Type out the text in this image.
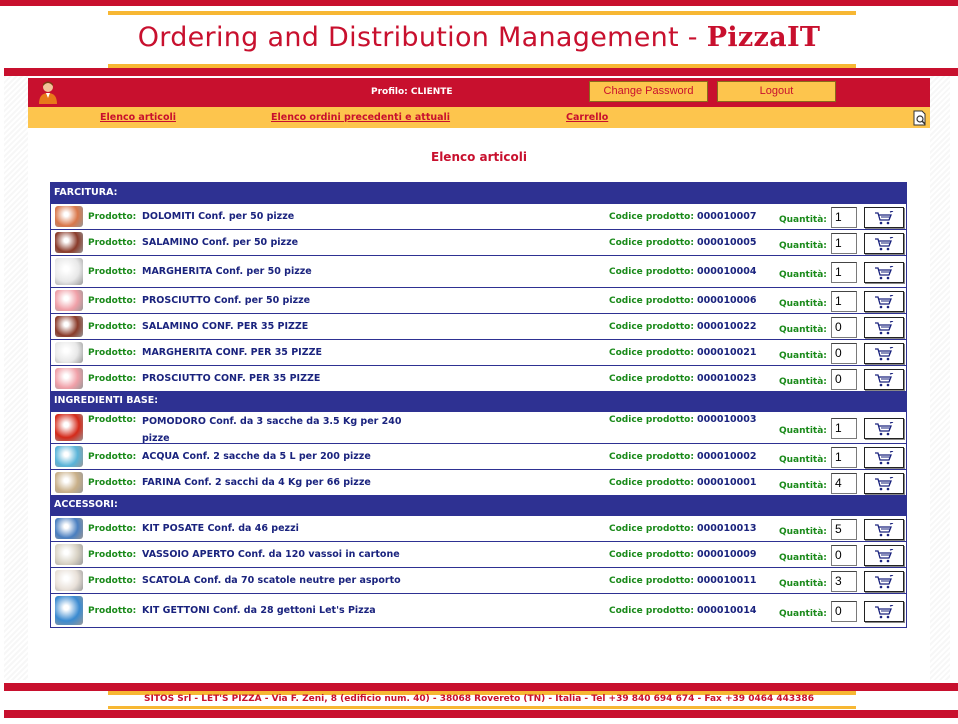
Ordering and Distribution Management - PizzaIT
Profilo: CLIENTE	Change Password	Logout
Elenco articoli	Elenco ordini precedenti e attuali	Carrello
Elenco articoli
FARCITURA:
Prodotto: DOLOMITI Conf. per 50 pizze	Codice prodotto: 000010007	Quantità: 1
Prodotto: SALAMINO Conf. per 50 pizze	Codice prodotto: 000010005	Quantità: 1
Prodotto: MARGHERITA Conf. per 50 pizze	Codice prodotto: 000010004	Quantità: 1
Prodotto: PROSCIUTTO Conf. per 50 pizze	Codice prodotto: 000010006	Quantità: 1
Prodotto: SALAMINO CONF. PER 35 PIZZE	Codice prodotto: 000010022	Quantità: 0
Prodotto: MARGHERITA CONF. PER 35 PIZZE	Codice prodotto: 000010021	Quantità: 0
Prodotto: PROSCIUTTO CONF. PER 35 PIZZE	Codice prodotto: 000010023	Quantità: 0
INGREDIENTI BASE:
Prodotto: POMODORO Conf. da 3 sacche da 3.5 Kg per 240 pizze
Codice prodotto: 000010003
Quantità: 1
Prodotto: ACQUA Conf. 2 sacche da 5 L per 200 pizze	Codice prodotto: 000010002	Quantità: 1
Prodotto: FARINA Conf. 2 sacchi da 4 Kg per 66 pizze	Codice prodotto: 000010001	Quantità: 4
ACCESSORI:
Prodotto: KIT POSATE Conf. da 46 pezzi	Codice prodotto: 000010013	Quantità: 5
Prodotto: VASSOIO APERTO Conf. da 120 vassoi in cartone	Codice prodotto: 000010009	Quantità: 0
Prodotto: SCATOLA Conf. da 70 scatole neutre per asporto	Codice prodotto: 000010011	Quantità: 3
Prodotto: KIT GETTONI Conf. da 28 gettoni Let's Pizza	Codice prodotto: 000010014	Quantità: 0
SITOS Srl - LET'S PIZZA - Via F. Zeni, 8 (edificio num. 40) - 38068 Rovereto (TN) - Italia - Tel +39 840 694 674 - Fax +39 0464 443386
